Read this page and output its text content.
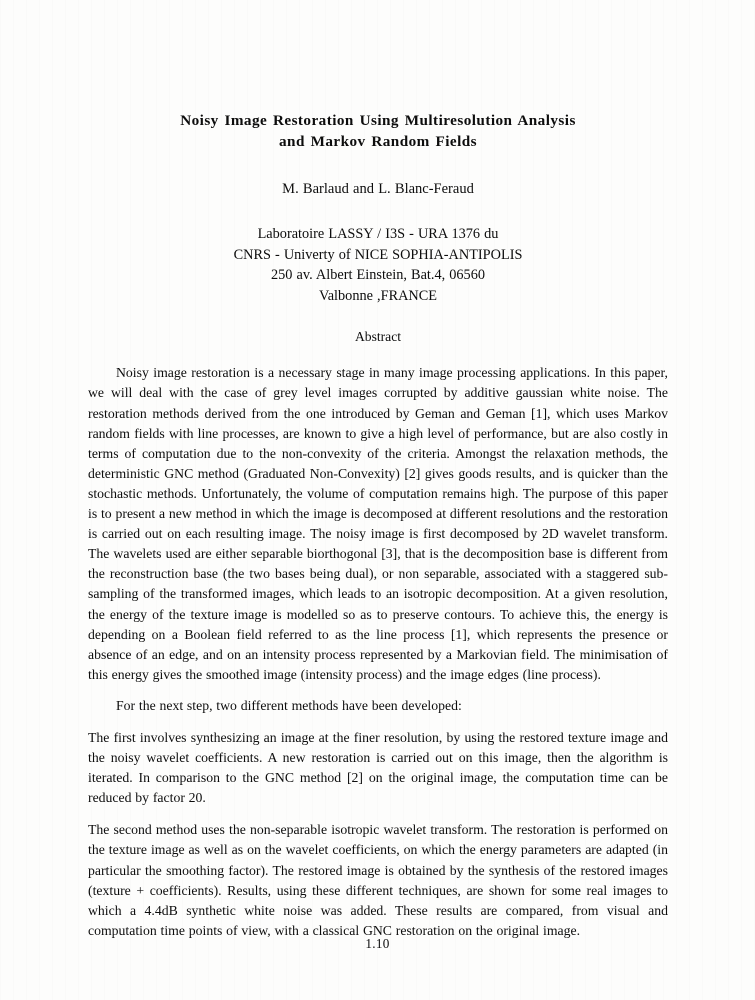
Noisy Image Restoration Using Multiresolution Analysis
and Markov Random Fields

M. Barlaud and L. Blanc-Feraud

Laboratoire LASSY / I3S - URA 1376 du
CNRS - Univerty of NICE SOPHIA-ANTIPOLIS
250 av. Albert Einstein, Bat.4, 06560
Valbonne ,FRANCE

Abstract

Noisy image restoration is a necessary stage in many image processing applications. In this paper, we will deal with the case of grey level images corrupted by additive gaussian white noise. The restoration methods derived from the one introduced by Geman and Geman [1], which uses Markov random fields with line processes, are known to give a high level of performance, but are also costly in terms of computation due to the non-convexity of the criteria. Amongst the relaxation methods, the deterministic GNC method (Graduated Non-Convexity) [2] gives goods results, and is quicker than the stochastic methods. Unfortunately, the volume of computation remains high. The purpose of this paper is to present a new method in which the image is decomposed at different resolutions and the restoration is carried out on each resulting image. The noisy image is first decomposed by 2D wavelet transform. The wavelets used are either separable biorthogonal [3], that is the decomposition base is different from the reconstruction base (the two bases being dual), or non separable, associated with a staggered sub- sampling of the transformed images, which leads to an isotropic decomposition. At a given resolution, the energy of the texture image is modelled so as to preserve contours. To achieve this, the energy is depending on a Boolean field referred to as the line process [1], which represents the presence or absence of an edge, and on an intensity process represented by a Markovian field. The minimisation of this energy gives the smoothed image (intensity process) and the image edges (line process).

For the next step, two different methods have been developed:

The first involves synthesizing an image at the finer resolution, by using the restored texture image and the noisy wavelet coefficients. A new restoration is carried out on this image, then the algorithm is iterated. In comparison to the GNC method [2] on the original image, the computation time can be reduced by factor 20.

The second method uses the non-separable isotropic wavelet transform. The restoration is performed on the texture image as well as on the wavelet coefficients, on which the energy parameters are adapted (in particular the smoothing factor). The restored image is obtained by the synthesis of the restored images (texture + coefficients). Results, using these different techniques, are shown for some real images to which a 4.4dB synthetic white noise was added. These results are compared, from visual and computation time points of view, with a classical GNC restoration on the original image.

1.10
